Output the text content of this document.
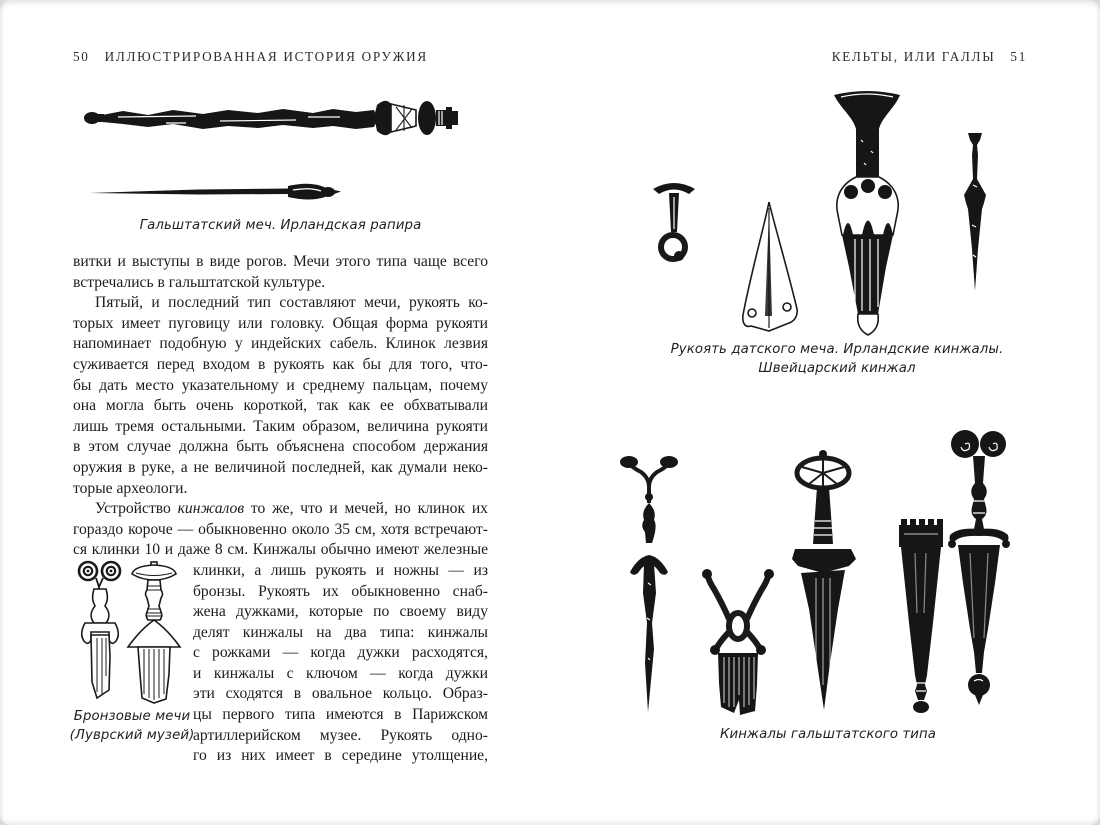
50 ИЛЛЮСТРИРОВАННАЯ ИСТОРИЯ ОРУЖИЯ
Гальштатский меч. Ирландская рапира
витки и выступы в виде рогов. Мечи этого типа чаще всего
встречались в гальштатской культуре.
Пятый, и последний тип составляют мечи, рукоять ко-
торых имеет пуговицу или головку. Общая форма рукояти
напоминает подобную у индейских сабель. Клинок лезвия
суживается перед входом в рукоять как бы для того, что-
бы дать место указательному и среднему пальцам, почему
она могла быть очень короткой, так как ее обхватывали
лишь тремя остальными. Таким образом, величина рукояти
в этом случае должна быть объяснена способом держания
оружия в руке, а не величиной последней, как думали неко-
торые археологи.
Устройство кинжалов то же, что и мечей, но клинок их
гораздо короче — обыкновенно около 35 см, хотя встречают-
ся клинки 10 и даже 8 см. Кинжалы обычно имеют железные
клинки, а лишь рукоять и ножны — из
бронзы. Рукоять их обыкновенно снаб-
жена дужками, которые по своему виду
делят кинжалы на два типа: кинжалы
с рожками — когда дужки расходятся,
и кинжалы с ключом — когда дужки
эти сходятся в овальное кольцо. Образ-
цы первого типа имеются в Парижском
артиллерийском музее. Рукоять одно-
го из них имеет в середине утолщение,
Бронзовые мечи
(Луврский музей)
КЕЛЬТЫ, ИЛИ ГАЛЛЫ 51
Рукоять датского меча. Ирландские кинжалы.
Швейцарский кинжал
Кинжалы гальштатского типа
